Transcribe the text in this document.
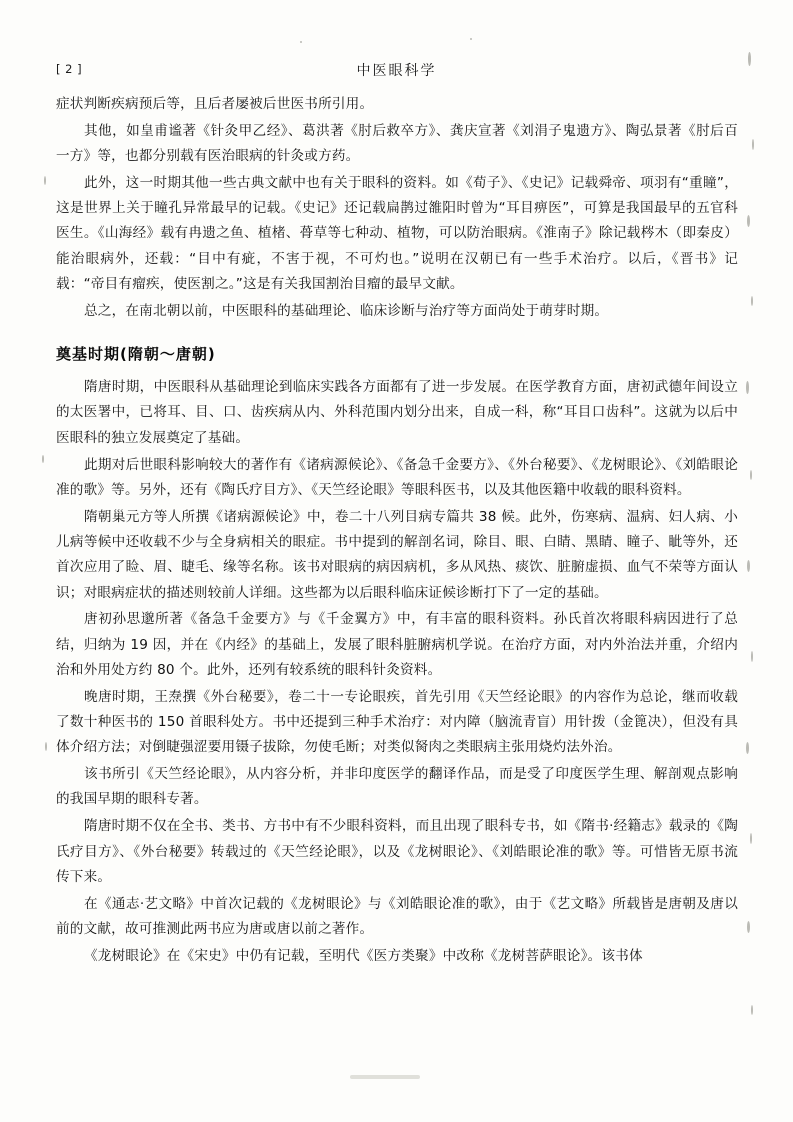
[ 2 ]	中医眼科学

症状判断疾病预后等，且后者屡被后世医书所引用。

其他，如皇甫谧著《针灸甲乙经》、葛洪著《肘后救卒方》、龚庆宣著《刘涓子鬼遗方》、陶弘景著《肘后百一方》等，也都分别载有医治眼病的针灸或方药。

此外，这一时期其他一些古典文献中也有关于眼科的资料。如《荀子》、《史记》记载舜帝、项羽有“重瞳”，这是世界上关于瞳孔异常最早的记载。《史记》还记载扁鹊过雒阳时曾为“耳目痹医”，可算是我国最早的五官科医生。《山海经》载有冉遗之鱼、植楮、蓇草等七种动、植物，可以防治眼病。《淮南子》除记载梣木（即秦皮）能治眼病外，还载：“目中有疵，不害于视，不可灼也。”说明在汉朝已有一些手术治疗。以后，《晋书》记载：“帝目有瘤疾，使医割之。”这是有关我国割治目瘤的最早文献。

总之，在南北朝以前，中医眼科的基础理论、临床诊断与治疗等方面尚处于萌芽时期。

奠基时期(隋朝～唐朝)

隋唐时期，中医眼科从基础理论到临床实践各方面都有了进一步发展。在医学教育方面，唐初武德年间设立的太医署中，已将耳、目、口、齿疾病从内、外科范围内划分出来，自成一科，称“耳目口齿科”。这就为以后中医眼科的独立发展奠定了基础。

此期对后世眼科影响较大的著作有《诸病源候论》、《备急千金要方》、《外台秘要》、《龙树眼论》、《刘皓眼论准的歌》等。另外，还有《陶氏疗目方》、《天竺经论眼》等眼科医书，以及其他医籍中收载的眼科资料。

隋朝巢元方等人所撰《诸病源候论》中，卷二十八列目病专篇共 38 候。此外，伤寒病、温病、妇人病、小儿病等候中还收载不少与全身病相关的眼症。书中提到的解剖名词，除目、眼、白睛、黑睛、瞳子、眦等外，还首次应用了睑、眉、睫毛、缘等名称。该书对眼病的病因病机，多从风热、痰饮、脏腑虚损、血气不荣等方面认识；对眼病症状的描述则较前人详细。这些都为以后眼科临床证候诊断打下了一定的基础。

唐初孙思邈所著《备急千金要方》与《千金翼方》中，有丰富的眼科资料。孙氏首次将眼科病因进行了总结，归纳为 19 因，并在《内经》的基础上，发展了眼科脏腑病机学说。在治疗方面，对内外治法并重，介绍内治和外用处方约 80 个。此外，还列有较系统的眼科针灸资料。

晚唐时期，王焘撰《外台秘要》，卷二十一专论眼疾，首先引用《天竺经论眼》的内容作为总论，继而收载了数十种医书的 150 首眼科处方。书中还提到三种手术治疗：对内障（脑流青盲）用针拨（金篦决），但没有具体介绍方法；对倒睫强涩要用镊子拔除，勿使毛断；对类似胬肉之类眼病主张用烧灼法外治。

该书所引《天竺经论眼》，从内容分析，并非印度医学的翻译作品，而是受了印度医学生理、解剖观点影响的我国早期的眼科专著。

隋唐时期不仅在全书、类书、方书中有不少眼科资料，而且出现了眼科专书，如《隋书·经籍志》载录的《陶氏疗目方》、《外台秘要》转载过的《天竺经论眼》，以及《龙树眼论》、《刘皓眼论准的歌》等。可惜皆无原书流传下来。

在《通志·艺文略》中首次记载的《龙树眼论》与《刘皓眼论准的歌》，由于《艺文略》所载皆是唐朝及唐以前的文献，故可推测此两书应为唐或唐以前之著作。

《龙树眼论》在《宋史》中仍有记载，至明代《医方类聚》中改称《龙树菩萨眼论》。该书体
